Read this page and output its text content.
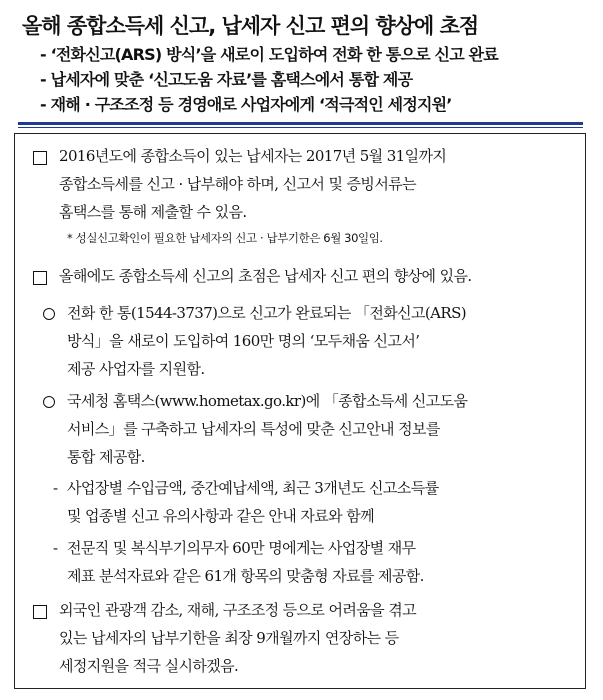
올해 종합소득세 신고, 납세자 신고 편의 향상에 초점
- ‘전화신고(ARS) 방식’을 새로이 도입하여 전화 한 통으로 신고 완료
- 납세자에 맞춘 ‘신고도움 자료’를 홈택스에서 통합 제공
- 재해 · 구조조정 등 경영애로 사업자에게 ‘적극적인 세정지원’
2016년도에 종합소득이 있는 납세자는 2017년 5월 31일까지
종합소득세를 신고 · 납부해야 하며, 신고서 및 증빙서류는
홈택스를 통해 제출할 수 있음.
* 성실신고확인이 필요한 납세자의 신고 · 납부기한은 6월 30일임.
올해에도 종합소득세 신고의 초점은 납세자 신고 편의 향상에 있음.
전화 한 통(1544-3737)으로 신고가 완료되는 「전화신고(ARS)
방식」을 새로이 도입하여 160만 명의 ‘모두채움 신고서’
제공 사업자를 지원함.
국세청 홈택스(www.hometax.go.kr)에 「종합소득세 신고도움
서비스」를 구축하고 납세자의 특성에 맞춘 신고안내 정보를
통합 제공함.
- 사업장별 수입금액, 중간예납세액, 최근 3개년도 신고소득률
및 업종별 신고 유의사항과 같은 안내 자료와 함께
- 전문직 및 복식부기의무자 60만 명에게는 사업장별 재무
제표 분석자료와 같은 61개 항목의 맞춤형 자료를 제공함.
외국인 관광객 감소, 재해, 구조조정 등으로 어려움을 겪고
있는 납세자의 납부기한을 최장 9개월까지 연장하는 등
세정지원을 적극 실시하겠음.
